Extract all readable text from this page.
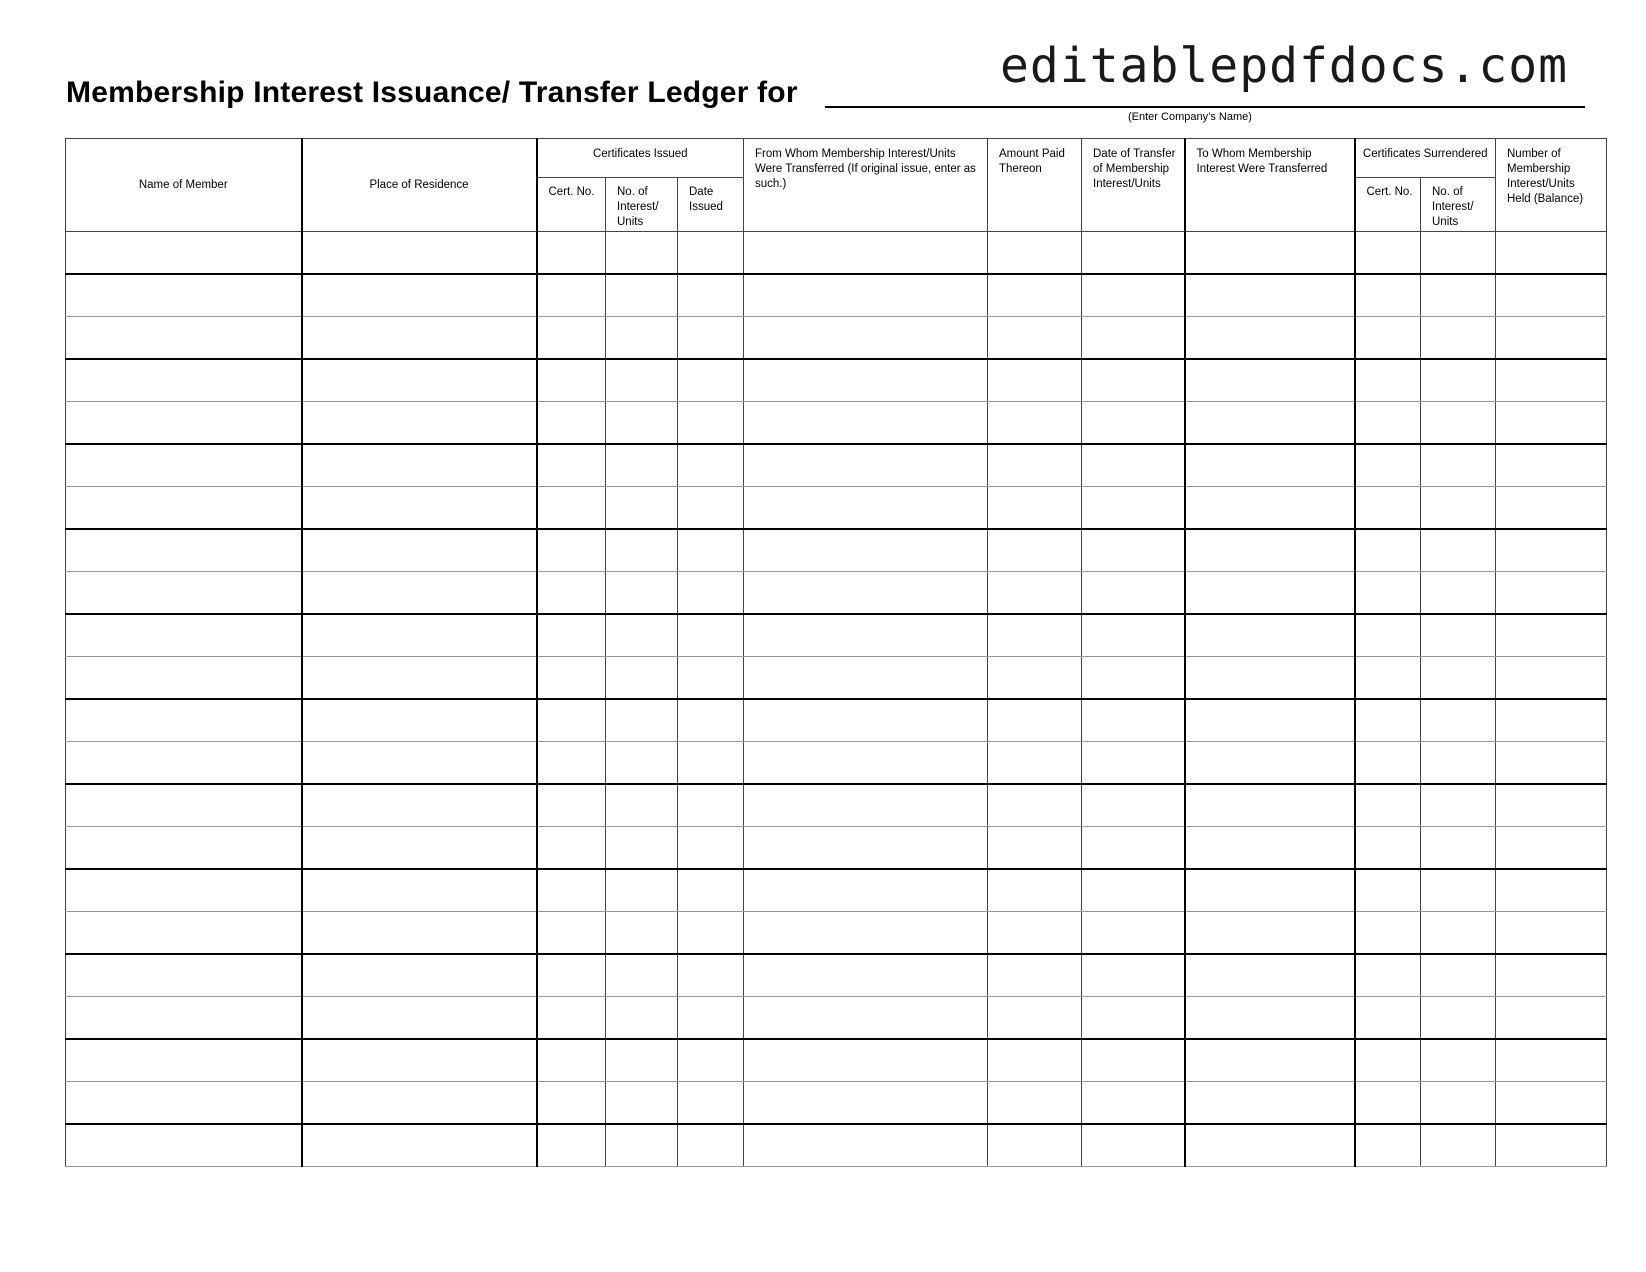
editablepdfdocs.com
Membership Interest Issuance/ Transfer Ledger for
(Enter Company’s Name)
Name of Member	Place of Residence	Certificates Issued			From Whom Membership Interest/Units Were Transferred (If original issue, enter as such.)	Amount Paid Thereon	Date of Transfer of Membership Interest/Units	To Whom Membership Interest Were Transferred	Certificates Surrendered		Number of Membership Interest/Units Held (Balance)
		Cert. No.	No. of Interest/ Units	Date Issued					Cert. No.	No. of Interest/ Units	
